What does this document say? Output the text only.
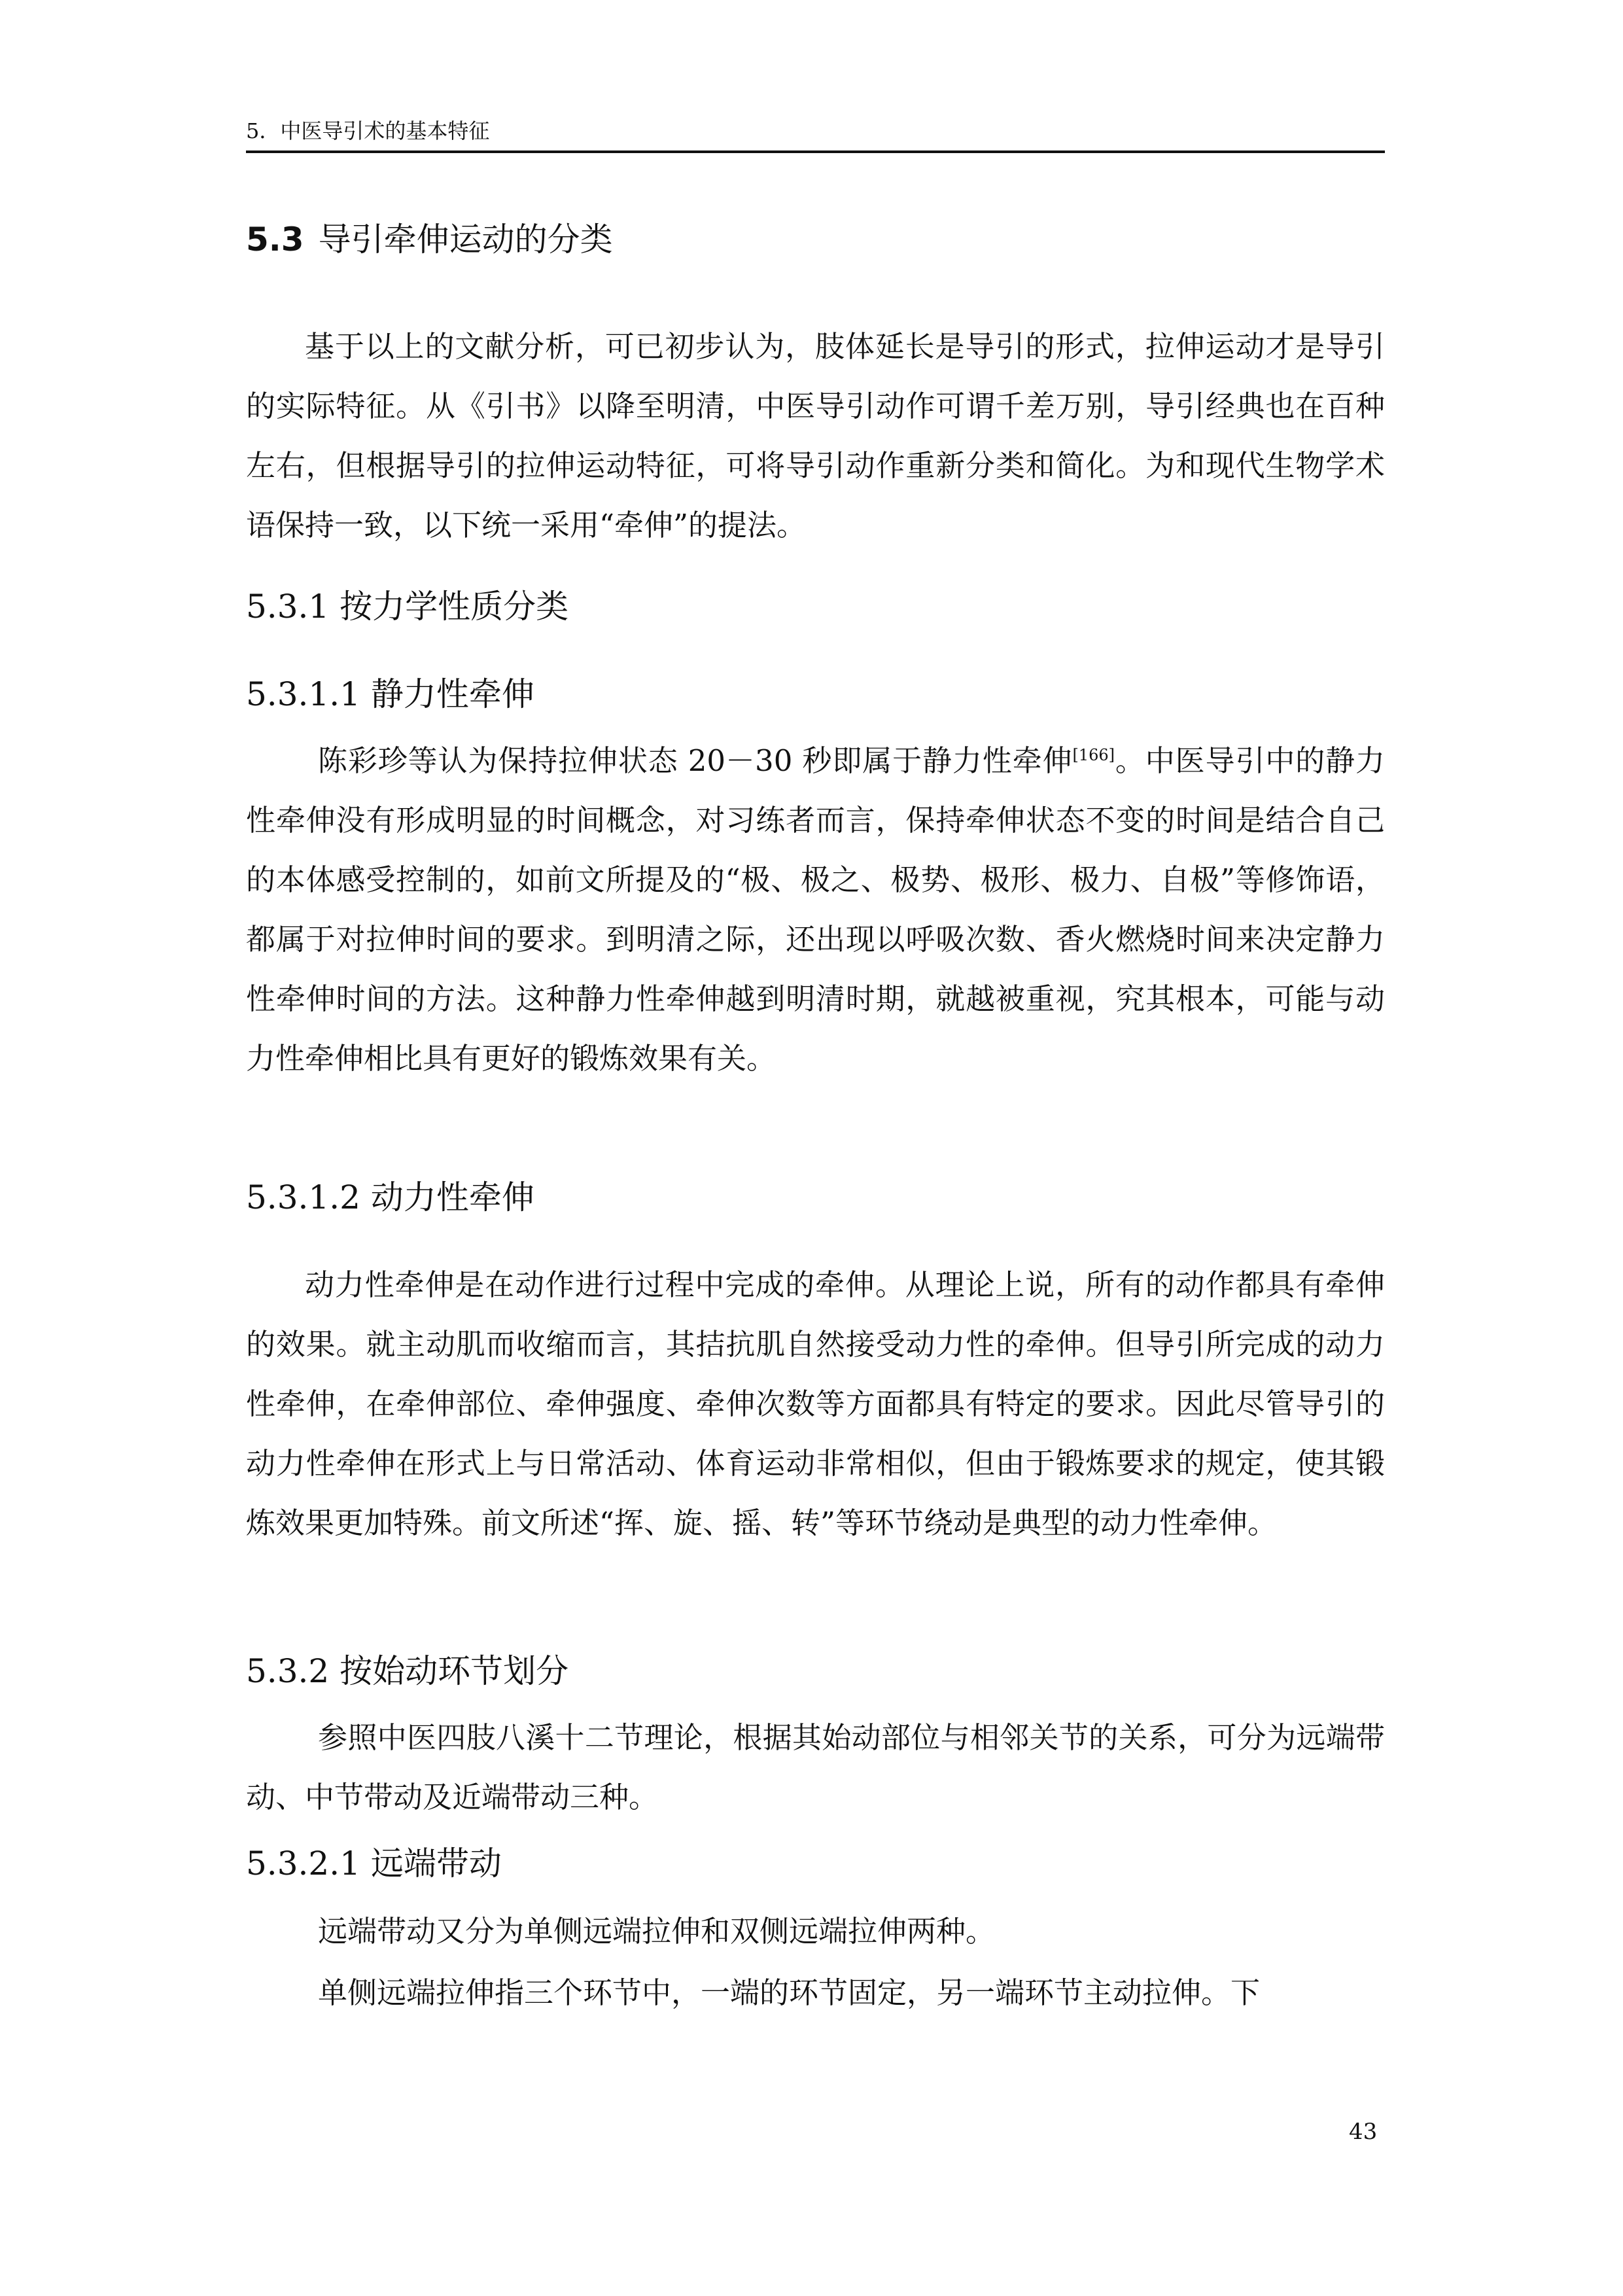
5．中医导引术的基本特征
5.3 导引牵伸运动的分类

基于以上的文献分析，可已初步认为，肢体延长是导引的形式，拉伸运动才是导引的实际特征。从《引书》以降至明清，中医导引动作可谓千差万别，导引经典也在百种左右，但根据导引的拉伸运动特征，可将导引动作重新分类和简化。为和现代生物学术语保持一致，以下统一采用“牵伸”的提法。

5.3.1 按力学性质分类
5.3.1.1 静力性牵伸

陈彩珍等认为保持拉伸状态 20－30 秒即属于静力性牵伸[166]。中医导引中的静力性牵伸没有形成明显的时间概念，对习练者而言，保持牵伸状态不变的时间是结合自己的本体感受控制的，如前文所提及的“极、极之、极势、极形、极力、自极”等修饰语，都属于对拉伸时间的要求。到明清之际，还出现以呼吸次数、香火燃烧时间来决定静力性牵伸时间的方法。这种静力性牵伸越到明清时期，就越被重视，究其根本，可能与动力性牵伸相比具有更好的锻炼效果有关。

5.3.1.2 动力性牵伸

动力性牵伸是在动作进行过程中完成的牵伸。从理论上说，所有的动作都具有牵伸的效果。就主动肌而收缩而言，其拮抗肌自然接受动力性的牵伸。但导引所完成的动力性牵伸，在牵伸部位、牵伸强度、牵伸次数等方面都具有特定的要求。因此尽管导引的动力性牵伸在形式上与日常活动、体育运动非常相似，但由于锻炼要求的规定，使其锻炼效果更加特殊。前文所述“挥、旋、摇、转”等环节绕动是典型的动力性牵伸。

5.3.2 按始动环节划分

参照中医四肢八溪十二节理论，根据其始动部位与相邻关节的关系，可分为远端带动、中节带动及近端带动三种。

5.3.2.1 远端带动

远端带动又分为单侧远端拉伸和双侧远端拉伸两种。

单侧远端拉伸指三个环节中，一端的环节固定，另一端环节主动拉伸。下

43
